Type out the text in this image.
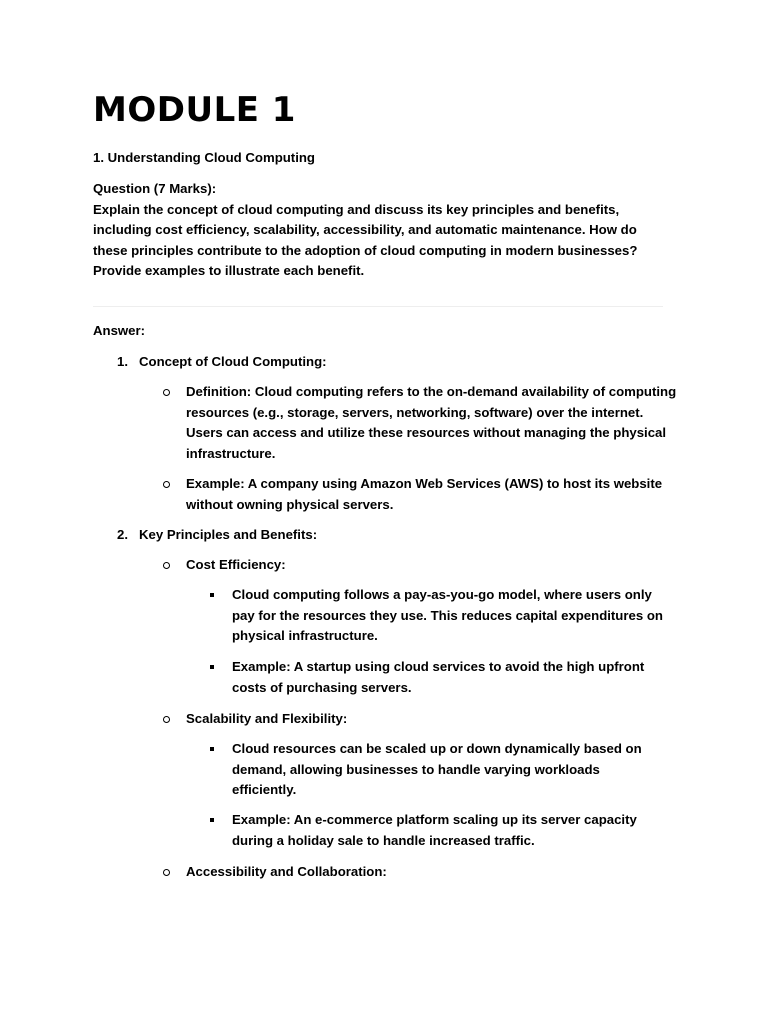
MODULE 1
1. Understanding Cloud Computing
Question (7 Marks):
Explain the concept of cloud computing and discuss its key principles and benefits, including cost efficiency, scalability, accessibility, and automatic maintenance. How do these principles contribute to the adoption of cloud computing in modern businesses? Provide examples to illustrate each benefit.
Answer:
1. Concept of Cloud Computing:
Definition: Cloud computing refers to the on-demand availability of computing resources (e.g., storage, servers, networking, software) over the internet. Users can access and utilize these resources without managing the physical infrastructure.
Example: A company using Amazon Web Services (AWS) to host its website without owning physical servers.
2. Key Principles and Benefits:
Cost Efficiency:
Cloud computing follows a pay-as-you-go model, where users only pay for the resources they use. This reduces capital expenditures on physical infrastructure.
Example: A startup using cloud services to avoid the high upfront costs of purchasing servers.
Scalability and Flexibility:
Cloud resources can be scaled up or down dynamically based on demand, allowing businesses to handle varying workloads efficiently.
Example: An e-commerce platform scaling up its server capacity during a holiday sale to handle increased traffic.
Accessibility and Collaboration:
